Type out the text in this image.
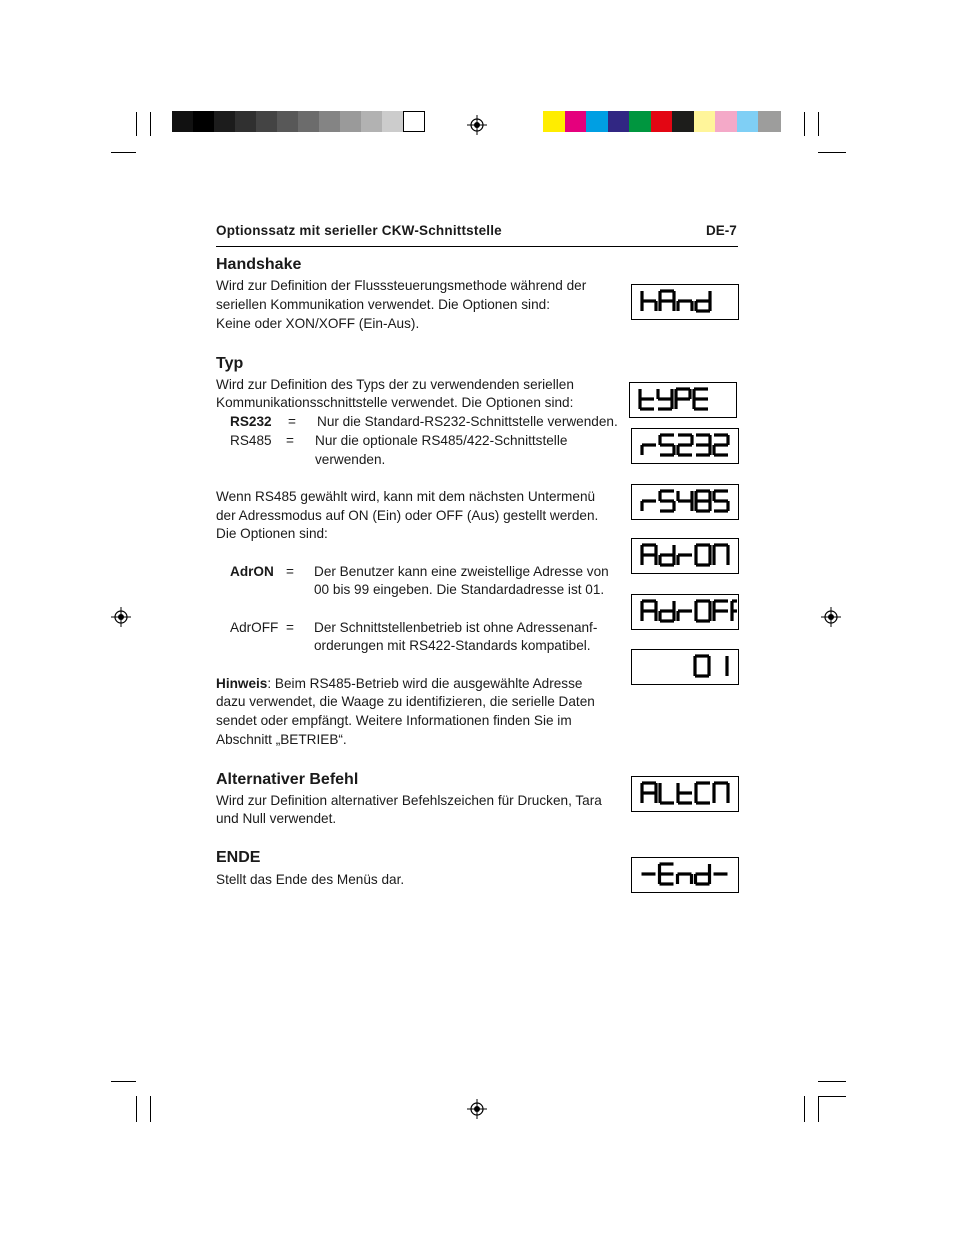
Optionssatz mit serieller CKW-Schnittstelle	DE-7
Handshake
Wird zur Definition der Flusssteuerungsmethode während der
seriellen Kommunikation verwendet. Die Optionen sind:
Keine oder XON/XOFF (Ein-Aus).
Typ
Wird zur Definition des Typs der zu verwendenden seriellen
Kommunikationsschnittstelle verwendet. Die Optionen sind:
RS232 = Nur die Standard-RS232-Schnittstelle verwenden.
RS485 = Nur die optionale RS485/422-Schnittstelle
verwenden.
Wenn RS485 gewählt wird, kann mit dem nächsten Untermenü
der Adressmodus auf ON (Ein) oder OFF (Aus) gestellt werden.
Die Optionen sind:
AdrON = Der Benutzer kann eine zweistellige Adresse von
00 bis 99 eingeben. Die Standardadresse ist 01.
AdrOFF = Der Schnittstellenbetrieb ist ohne Adressenanf-
orderungen mit RS422-Standards kompatibel.
Hinweis: Beim RS485-Betrieb wird die ausgewählte Adresse
dazu verwendet, die Waage zu identifizieren, die serielle Daten
sendet oder empfängt. Weitere Informationen finden Sie im
Abschnitt „BETRIEB“.
Alternativer Befehl
Wird zur Definition alternativer Befehlszeichen für Drucken, Tara
und Null verwendet.
ENDE
Stellt das Ende des Menüs dar.
